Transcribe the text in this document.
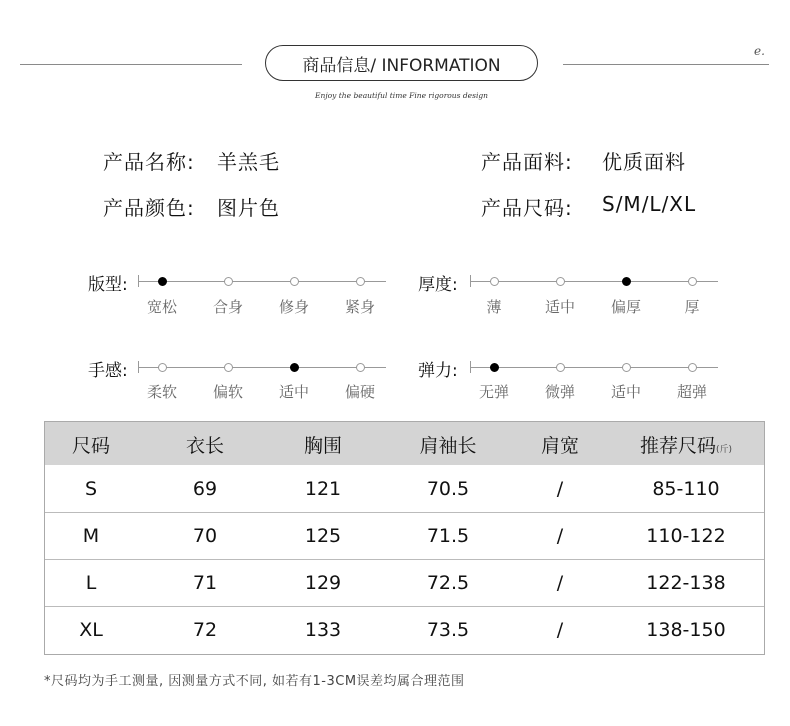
商品信息/ INFORMATION
Enjoy the beautiful time Fine rigorous design
e.
产品名称: 羊羔毛	产品面料: 优质面料
产品颜色: 图片色	产品尺码: S/M/L/XL
版型:
宽松	合身	修身	紧身
厚度:
薄	适中	偏厚	厚
手感:
柔软	偏软	适中	偏硬
弹力:
无弹	微弹	适中	超弹
尺码	衣长	胸围	肩袖长	肩宽	推荐尺码(斤)
S	69	121	70.5	/	85-110
M	70	125	71.5	/	110-122
L	71	129	72.5	/	122-138
XL	72	133	73.5	/	138-150
*尺码均为手工测量, 因测量方式不同, 如若有1-3CM误差均属合理范围
